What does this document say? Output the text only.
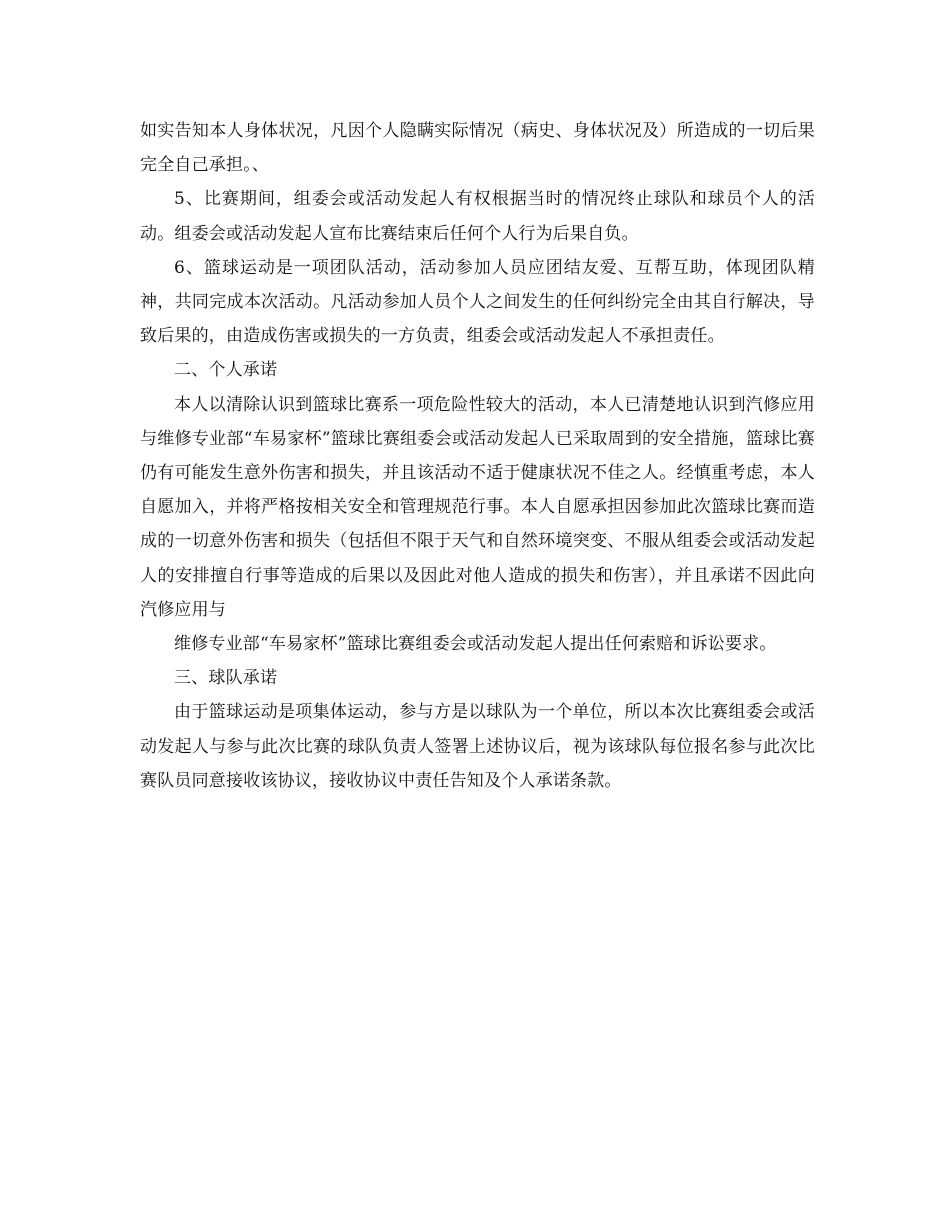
如实告知本人身体状况，凡因个人隐瞒实际情况（病史、身体状况及）所造成的一切后果完全自己承担。、

5、比赛期间，组委会或活动发起人有权根据当时的情况终止球队和球员个人的活动。组委会或活动发起人宣布比赛结束后任何个人行为后果自负。

6、篮球运动是一项团队活动，活动参加人员应团结友爱、互帮互助，体现团队精神，共同完成本次活动。凡活动参加人员个人之间发生的任何纠纷完全由其自行解决，导致后果的，由造成伤害或损失的一方负责，组委会或活动发起人不承担责任。

二、个人承诺

本人以清除认识到篮球比赛系一项危险性较大的活动，本人已清楚地认识到汽修应用与维修专业部“车易家杯”篮球比赛组委会或活动发起人已采取周到的安全措施，篮球比赛仍有可能发生意外伤害和损失，并且该活动不适于健康状况不佳之人。经慎重考虑，本人自愿加入，并将严格按相关安全和管理规范行事。本人自愿承担因参加此次篮球比赛而造成的一切意外伤害和损失（包括但不限于天气和自然环境突变、不服从组委会或活动发起人的安排擅自行事等造成的后果以及因此对他人造成的损失和伤害），并且承诺不因此向汽修应用与

维修专业部“车易家杯”篮球比赛组委会或活动发起人提出任何索赔和诉讼要求。

三、球队承诺

由于篮球运动是项集体运动，参与方是以球队为一个单位，所以本次比赛组委会或活动发起人与参与此次比赛的球队负责人签署上述协议后，视为该球队每位报名参与此次比赛队员同意接收该协议，接收协议中责任告知及个人承诺条款。
